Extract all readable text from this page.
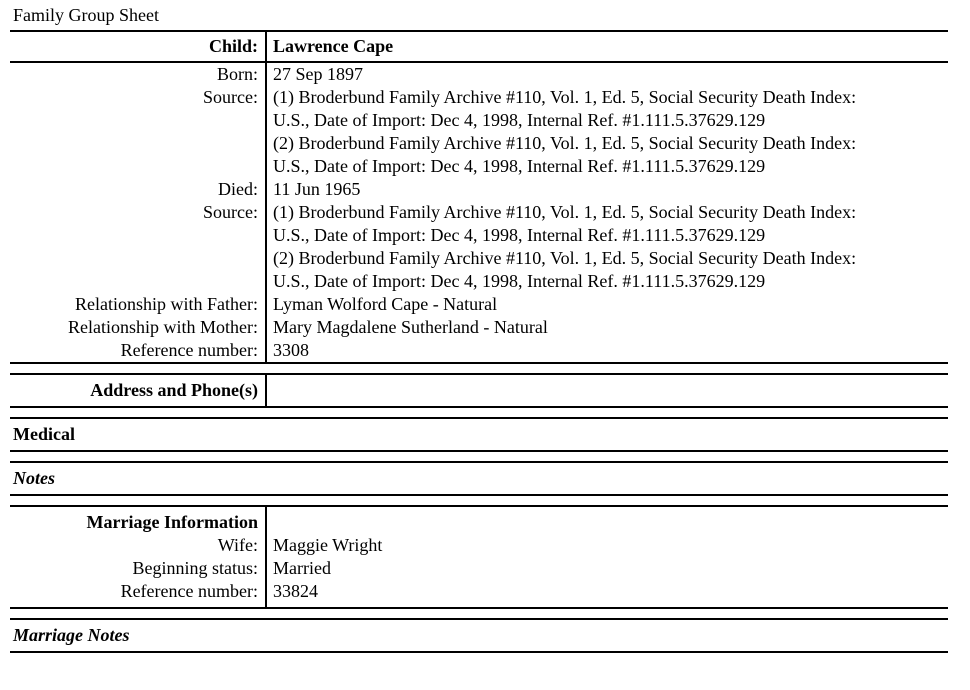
Family Group Sheet
Child: Lawrence Cape
Born: 27 Sep 1897
Source: (1) Broderbund Family Archive #110, Vol. 1, Ed. 5, Social Security Death Index:
U.S., Date of Import: Dec 4, 1998, Internal Ref. #1.111.5.37629.129
(2) Broderbund Family Archive #110, Vol. 1, Ed. 5, Social Security Death Index:
U.S., Date of Import: Dec 4, 1998, Internal Ref. #1.111.5.37629.129
Died: 11 Jun 1965
Source: (1) Broderbund Family Archive #110, Vol. 1, Ed. 5, Social Security Death Index:
U.S., Date of Import: Dec 4, 1998, Internal Ref. #1.111.5.37629.129
(2) Broderbund Family Archive #110, Vol. 1, Ed. 5, Social Security Death Index:
U.S., Date of Import: Dec 4, 1998, Internal Ref. #1.111.5.37629.129
Relationship with Father: Lyman Wolford Cape - Natural
Relationship with Mother: Mary Magdalene Sutherland - Natural
Reference number: 3308
Address and Phone(s)
Medical
Notes
Marriage Information
Wife: Maggie Wright
Beginning status: Married
Reference number: 33824
Marriage Notes
